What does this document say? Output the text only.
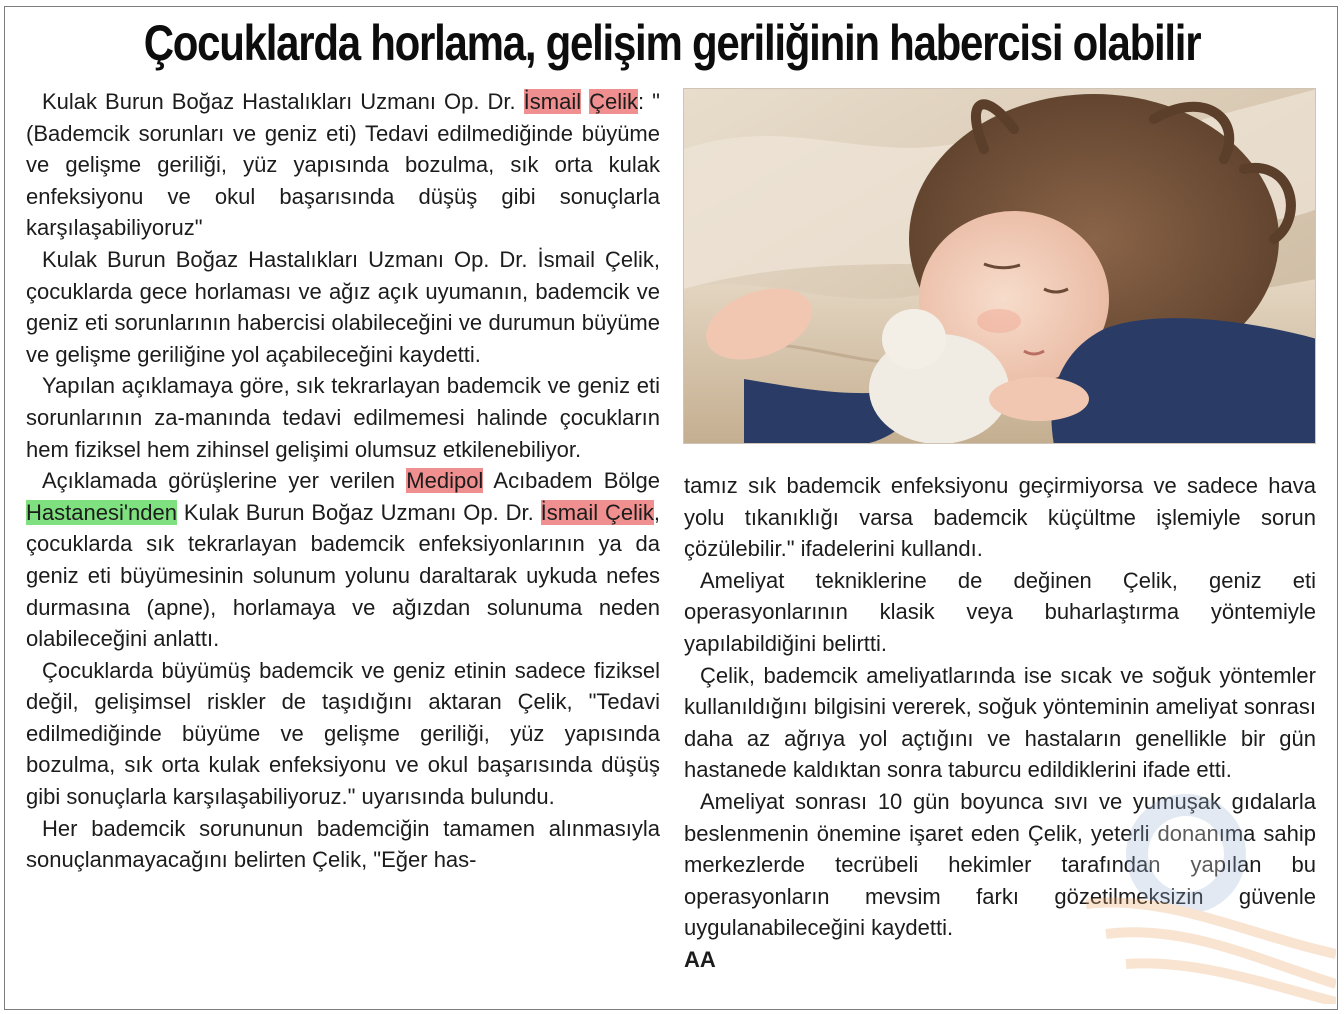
Çocuklarda horlama, gelişim geriliğinin habercisi olabilir

Kulak Burun Boğaz Hastalıkları Uzmanı Op. Dr. İsmail Çelik: "(Bademcik sorunları ve geniz eti) Tedavi edilmediğinde büyüme ve gelişme geriliği, yüz yapısında bozulma, sık orta kulak enfeksiyonu ve okul başarısında düşüş gibi sonuçlarla karşılaşabiliyoruz"

Kulak Burun Boğaz Hastalıkları Uzmanı Op. Dr. İsmail Çelik, çocuklarda gece horlaması ve ağız açık uyumanın, bademcik ve geniz eti sorunlarının habercisi olabileceğini ve durumun büyüme ve gelişme geriliğine yol açabileceğini kaydetti.

Yapılan açıklamaya göre, sık tekrarlayan bademcik ve geniz eti sorunlarının za-manında tedavi edilmemesi halinde çocukların hem fiziksel hem zihinsel gelişimi olumsuz etkilenebiliyor.

Açıklamada görüşlerine yer verilen Medipol Acıbadem Bölge Hastanesi'nden Kulak Burun Boğaz Uzmanı Op. Dr. İsmail Çelik, çocuklarda sık tekrarlayan bademcik enfeksiyonlarının ya da geniz eti büyümesinin solunum yolunu daraltarak uykuda nefes durmasına (apne), horlamaya ve ağızdan solunuma neden olabileceğini anlattı.

Çocuklarda büyümüş bademcik ve geniz etinin sadece fiziksel değil, gelişimsel riskler de taşıdığını aktaran Çelik, "Tedavi edilmediğinde büyüme ve gelişme geriliği, yüz yapısında bozulma, sık orta kulak enfeksiyonu ve okul başarısında düşüş gibi sonuçlarla karşılaşabiliyoruz." uyarısında bulundu.

Her bademcik sorununun bademciğin tamamen alınmasıyla sonuçlanmayacağını belirten Çelik, "Eğer has-

tamız sık bademcik enfeksiyonu geçirmiyorsa ve sadece hava yolu tıkanıklığı varsa bademcik küçültme işlemiyle sorun çözülebilir." ifadelerini kullandı.

Ameliyat tekniklerine de değinen Çelik, geniz eti operasyonlarının klasik veya buharlaştırma yöntemiyle yapılabildiğini belirtti.

Çelik, bademcik ameliyatlarında ise sıcak ve soğuk yöntemler kullanıldığını bilgisini vererek, soğuk yönteminin ameliyat sonrası daha az ağrıya yol açtığını ve hastaların genellikle bir gün hastanede kaldıktan sonra taburcu edildiklerini ifade etti.

Ameliyat sonrası 10 gün boyunca sıvı ve yumuşak gıdalarla beslenmenin önemine işaret eden Çelik, yeterli donanıma sahip merkezlerde tecrübeli hekimler tarafından yapılan bu operasyonların mevsim farkı gözetilmeksizin güvenle uygulanabileceğini kaydetti.

AA
